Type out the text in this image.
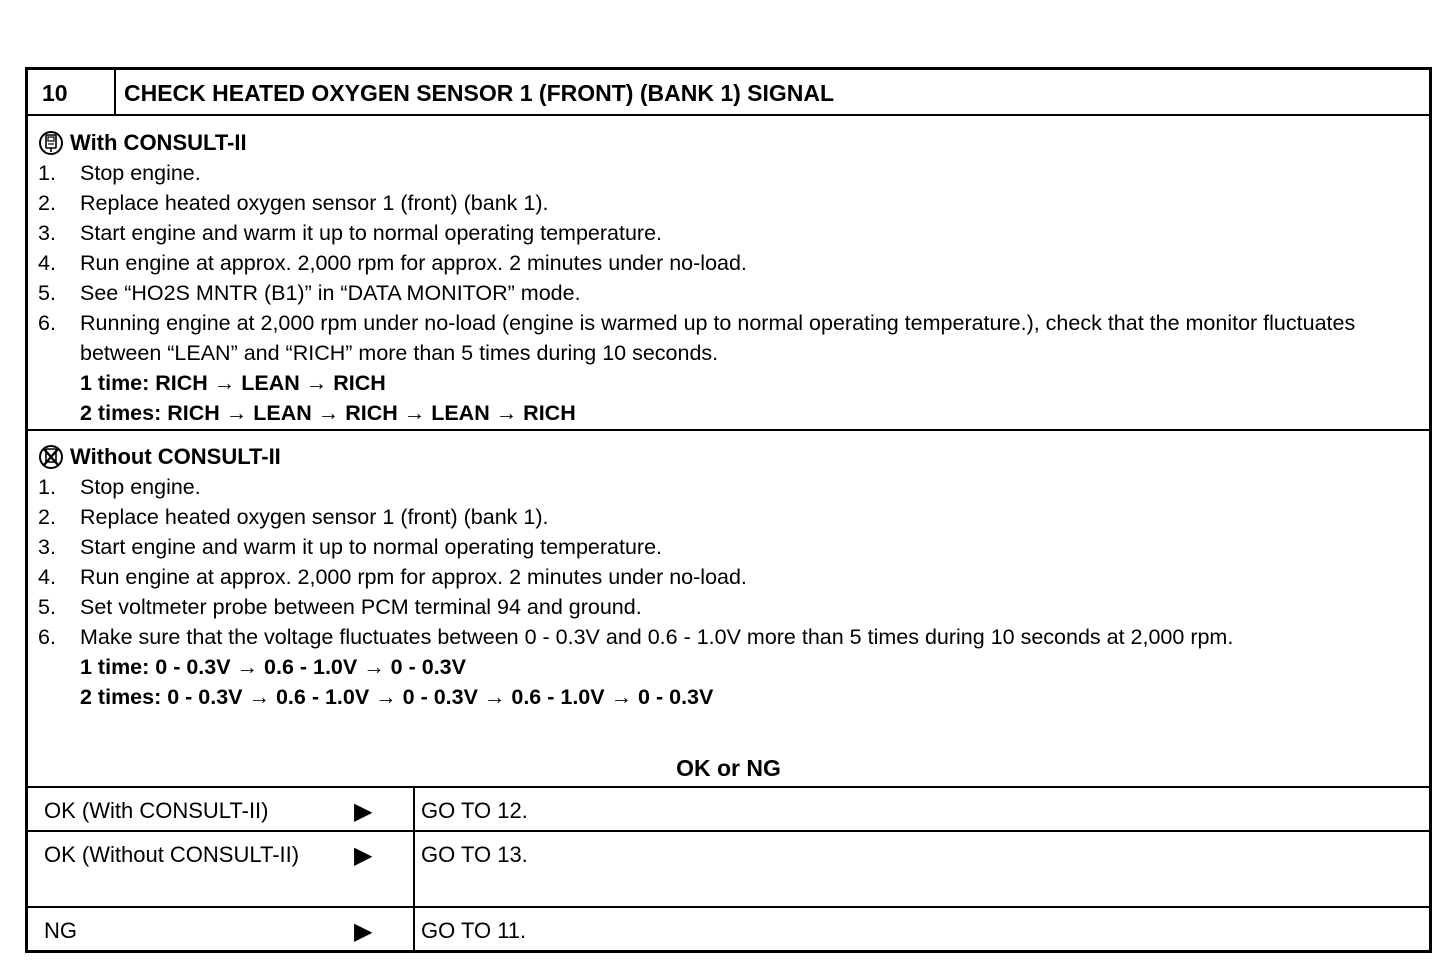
10	CHECK HEATED OXYGEN SENSOR 1 (FRONT) (BANK 1) SIGNAL
With CONSULT-II
1.	Stop engine.
2.	Replace heated oxygen sensor 1 (front) (bank 1).
3.	Start engine and warm it up to normal operating temperature.
4.	Run engine at approx. 2,000 rpm for approx. 2 minutes under no-load.
5.	See “HO2S MNTR (B1)” in “DATA MONITOR” mode.
6.	Running engine at 2,000 rpm under no-load (engine is warmed up to normal operating temperature.), check that the monitor fluctuates between “LEAN” and “RICH” more than 5 times during 10 seconds.
1 time: RICH → LEAN → RICH
2 times: RICH → LEAN → RICH → LEAN → RICH
Without CONSULT-II
1.	Stop engine.
2.	Replace heated oxygen sensor 1 (front) (bank 1).
3.	Start engine and warm it up to normal operating temperature.
4.	Run engine at approx. 2,000 rpm for approx. 2 minutes under no-load.
5.	Set voltmeter probe between PCM terminal 94 and ground.
6.	Make sure that the voltage fluctuates between 0 - 0.3V and 0.6 - 1.0V more than 5 times during 10 seconds at 2,000 rpm.
1 time: 0 - 0.3V → 0.6 - 1.0V → 0 - 0.3V
2 times: 0 - 0.3V → 0.6 - 1.0V → 0 - 0.3V → 0.6 - 1.0V → 0 - 0.3V
OK or NG
OK (With CONSULT-II)	▶	GO TO 12.
OK (Without CONSULT-II)	▶	GO TO 13.
NG	▶	GO TO 11.
